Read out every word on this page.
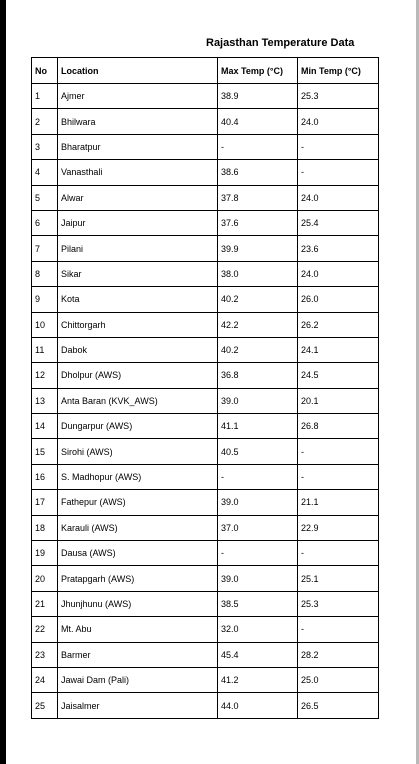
Rajasthan Temperature Data
No	Location	Max Temp (°C)	Min Temp (°C)
1	Ajmer	38.9	25.3
2	Bhilwara	40.4	24.0
3	Bharatpur	-	-
4	Vanasthali	38.6	-
5	Alwar	37.8	24.0
6	Jaipur	37.6	25.4
7	Pilani	39.9	23.6
8	Sikar	38.0	24.0
9	Kota	40.2	26.0
10	Chittorgarh	42.2	26.2
11	Dabok	40.2	24.1
12	Dholpur (AWS)	36.8	24.5
13	Anta Baran (KVK_AWS)	39.0	20.1
14	Dungarpur (AWS)	41.1	26.8
15	Sirohi (AWS)	40.5	-
16	S. Madhopur (AWS)	-	-
17	Fathepur (AWS)	39.0	21.1
18	Karauli (AWS)	37.0	22.9
19	Dausa (AWS)	-	-
20	Pratapgarh (AWS)	39.0	25.1
21	Jhunjhunu (AWS)	38.5	25.3
22	Mt. Abu	32.0	-
23	Barmer	45.4	28.2
24	Jawai Dam (Pali)	41.2	25.0
25	Jaisalmer	44.0	26.5
